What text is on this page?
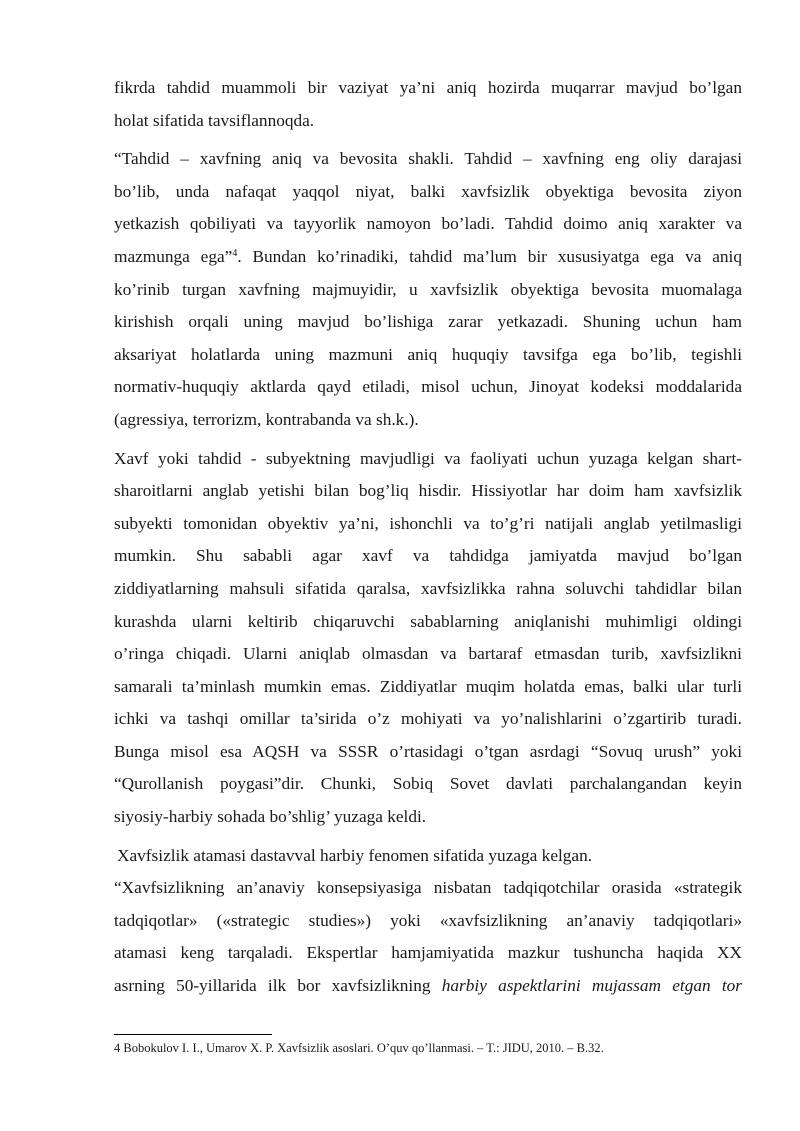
fikrda tahdid muammoli bir vaziyat ya’ni aniq hozirda muqarrar mavjud bo’lgan
holat sifatida tavsiflannoqda.
“Tahdid – xavfning aniq va bevosita shakli. Tahdid – xavfning eng oliy darajasi
bo’lib, unda nafaqat yaqqol niyat, balki xavfsizlik obyektiga bevosita ziyon
yetkazish qobiliyati va tayyorlik namoyon bo’ladi. Tahdid doimo aniq xarakter va
mazmunga ega”$^4$. Bundan ko’rinadiki, tahdid ma’lum bir xususiyatga ega va aniq
ko’rinib turgan xavfning majmuyidir, u xavfsizlik obyektiga bevosita muomalaga
kirishish orqali uning mavjud bo’lishiga zarar yetkazadi. Shuning uchun ham
aksariyat holatlarda uning mazmuni aniq huquqiy tavsifga ega bo’lib, tegishli
normativ-huquqiy aktlarda qayd etiladi, misol uchun, Jinoyat kodeksi moddalarida
(agressiya, terrorizm, kontrabanda va sh.k.).
Xavf yoki tahdid - subyektning mavjudligi va faoliyati uchun yuzaga kelgan shart-
sharoitlarni anglab yetishi bilan bog’liq hisdir. Hissiyotlar har doim ham xavfsizlik
subyekti tomonidan obyektiv ya’ni, ishonchli va to’g’ri natijali anglab yetilmasligi
mumkin. Shu sababli agar xavf va tahdidga jamiyatda mavjud bo’lgan
ziddiyatlarning mahsuli sifatida qaralsa, xavfsizlikka rahna soluvchi tahdidlar bilan
kurashda ularni keltirib chiqaruvchi sabablarning aniqlanishi muhimligi oldingi
o’ringa chiqadi. Ularni aniqlab olmasdan va bartaraf etmasdan turib, xavfsizlikni
samarali ta’minlash mumkin emas. Ziddiyatlar muqim holatda emas, balki ular turli
ichki va tashqi omillar ta’sirida o’z mohiyati va yo’nalishlarini o’zgartirib turadi.
Bunga misol esa AQSH va SSSR o’rtasidagi o’tgan asrdagi “Sovuq urush” yoki
“Qurollanish poygasi”dir. Chunki, Sobiq Sovet davlati parchalangandan keyin
siyosiy-harbiy sohada bo’shlig’ yuzaga keldi.
Xavfsizlik atamasi dastavval harbiy fenomen sifatida yuzaga kelgan.
“Xavfsizlikning an’anaviy konsepsiyasiga nisbatan tadqiqotchilar orasida «strategik
tadqiqotlar» («strategic studies») yoki «xavfsizlikning an’anaviy tadqiqotlari»
atamasi keng tarqaladi. Ekspertlar hamjamiyatida mazkur tushuncha haqida XX
asrning 50-yillarida ilk bor xavfsizlikning harbiy aspektlarini mujassam etgan tor
4 Bobokulov I. I., Umarov X. P. Xavfsizlik asoslari. O’quv qo’llanmasi. – T.: JIDU, 2010. – B.32.
